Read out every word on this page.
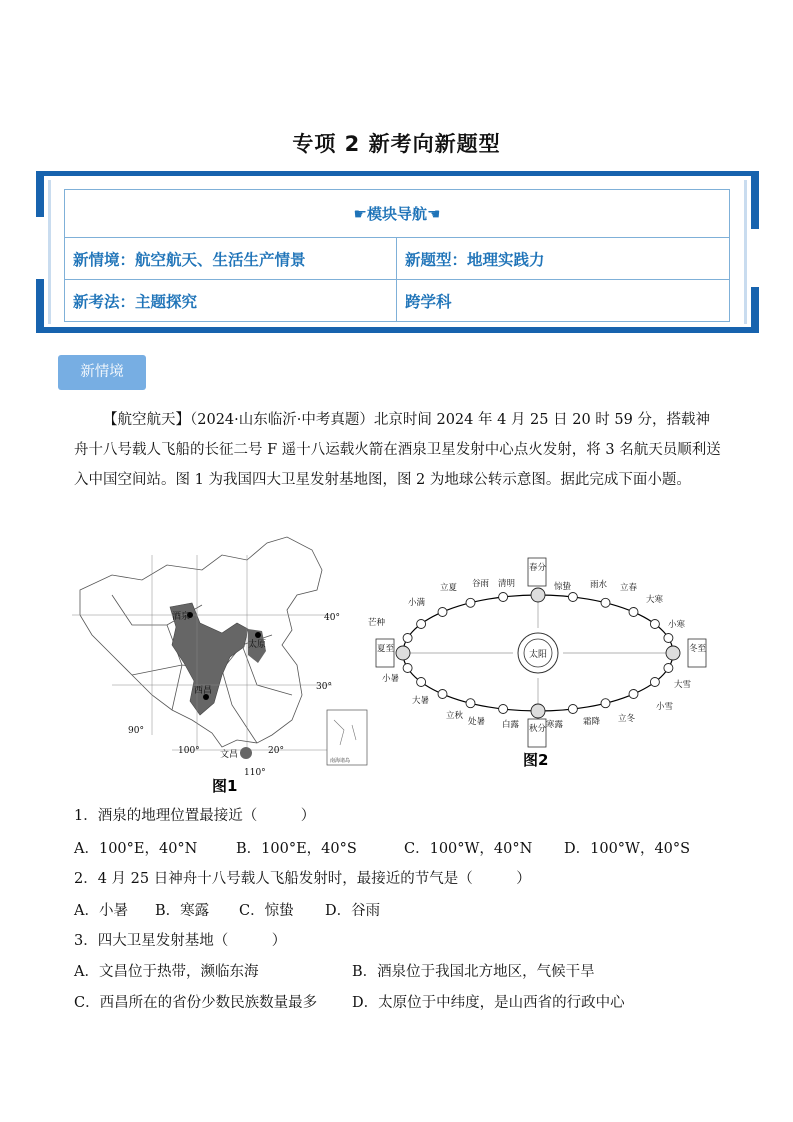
专项 2 新考向新题型
☛模块导航☚	
新情境：航空航天、生活生产情景	新题型：地理实践力
新考法：主题探究	跨学科
新情境
【航空航天】（2024·山东临沂·中考真题）北京时间 2024 年 4 月 25 日 20 时 59 分，搭载神舟十八号载人飞船的长征二号 F 遥十八运载火箭在酒泉卫星发射中心点火发射，将 3 名航天员顺利送入中国空间站。图 1 为我国四大卫星发射基地图，图 2 为地球公转示意图。据此完成下面小题。
酒泉
太原
西昌
文昌
40°
30°
90°
100°	20°
110°
南海诸岛
图1
太阳
春分
惊蛰 雨水 立春
大寒
小寒
冬至
大雪
小雪
立冬
霜降
寒露
秋分
白露
处暑
立秋
大暑
小暑
夏至
芒种
小满
立夏 谷雨 清明
图2
1．酒泉的地理位置最接近（　　　）
A．100°E，40°N	B．100°E，40°S	C．100°W，40°N D．100°W，40°S
2．4 月 25 日神舟十八号载人飞船发射时，最接近的节气是（　　　）
A．小暑 B．寒露 C．惊蛰 D．谷雨
3．四大卫星发射基地（　　　）
A．文昌位于热带，濒临东海	B．酒泉位于我国北方地区，气候干旱
C．西昌所在的省份少数民族数量最多 D．太原位于中纬度，是山西省的行政中心
